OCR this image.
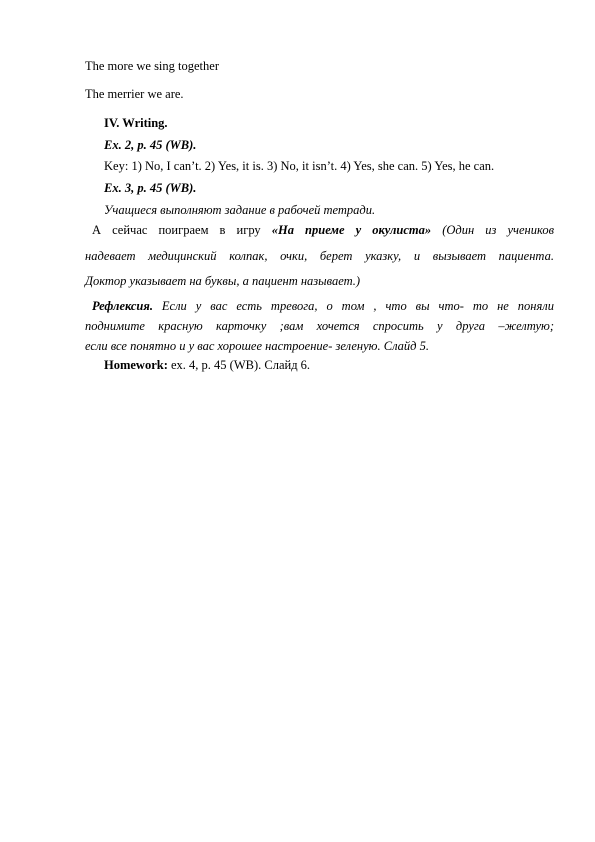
The more we sing together
The merrier we are.
IV. Writing.
Ex. 2, p. 45 (WB).
Key: 1) No, I can’t. 2) Yes, it is. 3) No, it isn’t. 4) Yes, she can. 5) Yes, he can.
Ex. 3, p. 45 (WB).
Учащиеся выполняют задание в рабочей тетради.
А сейчас поиграем в игру «На приеме у окулиста» (Один из учеников
надевает медицинский колпак, очки, берет указку, и вызывает пациента.
Доктор указывает на буквы, а пациент называет.)
Рефлексия. Если у вас есть тревога, о том , что вы что- то не поняли
поднимите красную карточку ;вам хочется спросить у друга –желтую;
если все понятно и у вас хорошее настроение- зеленую. Слайд 5.
Homework: ex. 4, p. 45 (WB). Слайд 6.
